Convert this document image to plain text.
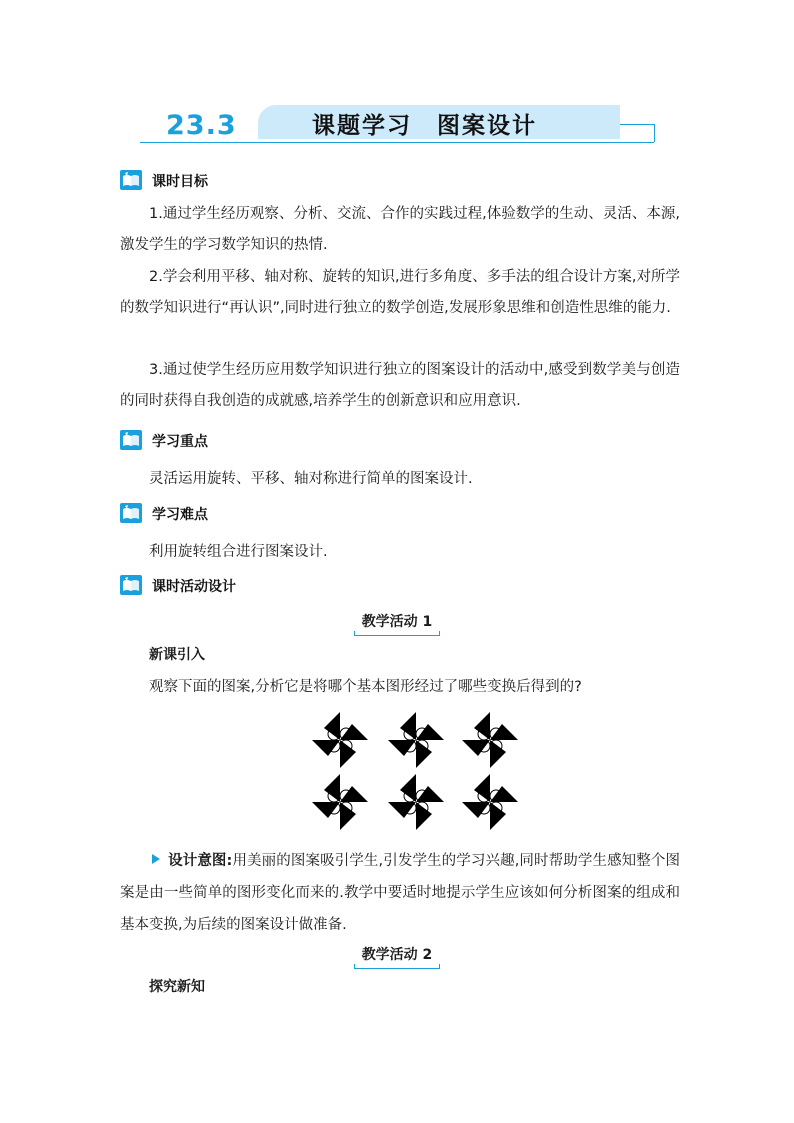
23.3	课题学习　图案设计
课时目标
1.通过学生经历观察、分析、交流、合作的实践过程,体验数学的生动、灵活、本源,激发学生的学习数学知识的热情.
2.学会利用平移、轴对称、旋转的知识,进行多角度、多手法的组合设计方案,对所学的数学知识进行“再认识”,同时进行独立的数学创造,发展形象思维和创造性思维的能力.
3.通过使学生经历应用数学知识进行独立的图案设计的活动中,感受到数学美与创造的同时获得自我创造的成就感,培养学生的创新意识和应用意识.
学习重点
灵活运用旋转、平移、轴对称进行简单的图案设计.
学习难点
利用旋转组合进行图案设计.
课时活动设计
教学活动 1
新课引入
观察下面的图案,分析它是将哪个基本图形经过了哪些变换后得到的?
设计意图:用美丽的图案吸引学生,引发学生的学习兴趣,同时帮助学生感知整个图案是由一些简单的图形变化而来的.教学中要适时地提示学生应该如何分析图案的组成和基本变换,为后续的图案设计做准备.
教学活动 2
探究新知
